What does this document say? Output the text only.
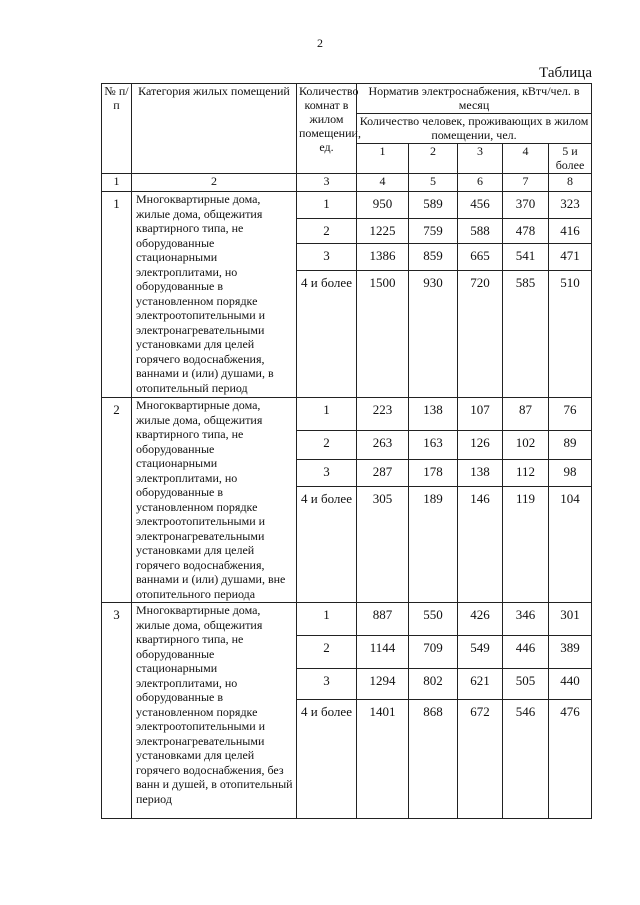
2
Таблица
№ п/п	Категория жилых помещений	Количество комнат в жилом помещении, ед.	Норматив электроснабжения, кВтч/чел. в месяц				
			Количество человек, проживающих в жилом помещении, чел.				
			1	2	3	4	5 и более
1	2	3	4	5	6	7	8
1	Многоквартирные дома, жилые дома, общежития квартирного типа, не оборудованные стационарными электроплитами, но оборудованные в установленном порядке электроотопительными и электронагревательными установками для целей горячего водоснабжения, ваннами и (или) душами, в отопительный период	1	950	589	456	370	323
		2	1225	759	588	478	416
		3	1386	859	665	541	471
		4 и более	1500	930	720	585	510
2	Многоквартирные дома, жилые дома, общежития квартирного типа, не оборудованные стационарными электроплитами, но оборудованные в установленном порядке электроотопительными и электронагревательными установками для целей горячего водоснабжения, ваннами и (или) душами, вне отопительного периода	1	223	138	107	87	76
		2	263	163	126	102	89
		3	287	178	138	112	98
		4 и более	305	189	146	119	104
3	Многоквартирные дома, жилые дома, общежития квартирного типа, не оборудованные стационарными электроплитами, но оборудованные в установленном порядке электроотопительными и электронагревательными установками для целей горячего водоснабжения, без ванн и душей, в отопительный период	1	887	550	426	346	301
		2	1144	709	549	446	389
		3	1294	802	621	505	440
		4 и более	1401	868	672	546	476
